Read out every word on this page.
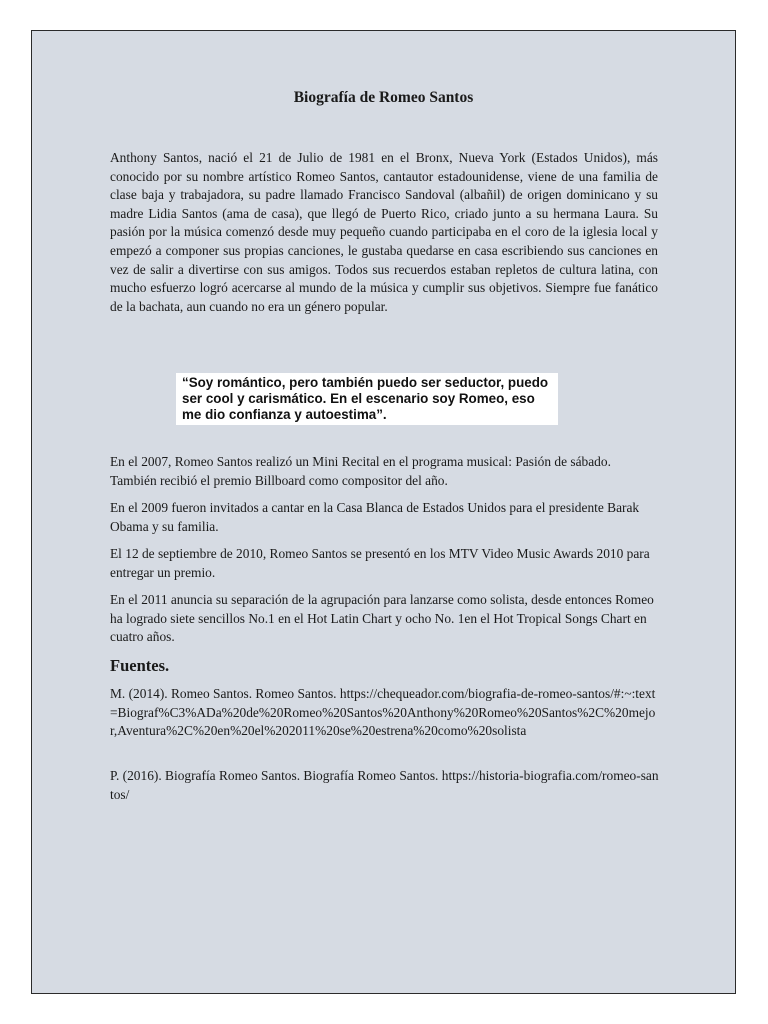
Biografía de Romeo Santos

Anthony Santos, nació el 21 de Julio de 1981 en el Bronx, Nueva York (Estados Unidos), más conocido por su nombre artístico Romeo Santos, cantautor estadounidense, viene de una familia de clase baja y trabajadora, su padre llamado Francisco Sandoval (albañil) de origen dominicano y su madre Lidia Santos (ama de casa), que llegó de Puerto Rico, criado junto a su hermana Laura. Su pasión por la música comenzó desde muy pequeño cuando participaba en el coro de la iglesia local y empezó a componer sus propias canciones, le gustaba quedarse en casa escribiendo sus canciones en vez de salir a divertirse con sus amigos. Todos sus recuerdos estaban repletos de cultura latina, con mucho esfuerzo logró acercarse al mundo de la música y cumplir sus objetivos. Siempre fue fanático de la bachata, aun cuando no era un género popular.

“Soy romántico, pero también puedo ser seductor, puedo ser cool y carismático. En el escenario soy Romeo, eso me dio confianza y autoestima”.

En el 2007, Romeo Santos realizó un Mini Recital en el programa musical: Pasión de sábado. También recibió el premio Billboard como compositor del año.

En el 2009 fueron invitados a cantar en la Casa Blanca de Estados Unidos para el presidente Barak Obama y su familia.

El 12 de septiembre de 2010, Romeo Santos se presentó en los MTV Video Music Awards 2010 para entregar un premio.

En el 2011 anuncia su separación de la agrupación para lanzarse como solista, desde entonces Romeo ha logrado siete sencillos No.1 en el Hot Latin Chart y ocho No. 1en el Hot Tropical Songs Chart en cuatro años.

Fuentes.

M. (2014). Romeo Santos. Romeo Santos. https://chequeador.com/biografia-de-romeo-santos/#:~:text=Biograf%C3%ADa%20de%20Romeo%20Santos%20Anthony%20Romeo%20Santos%2C%20mejor,Aventura%2C%20en%20el%202011%20se%20estrena%20como%20solista

P. (2016). Biografía Romeo Santos. Biografía Romeo Santos. https://historia-biografia.com/romeo-santos/
